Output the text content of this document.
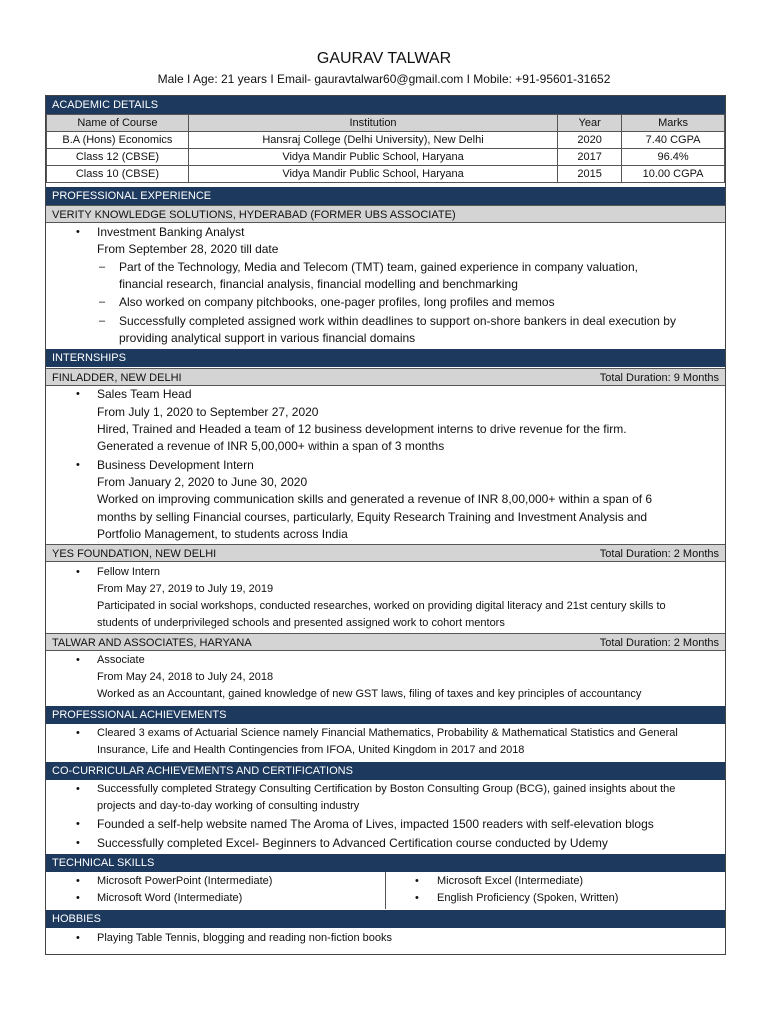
GAURAV TALWAR
Male I Age: 21 years I Email- gauravtalwar60@gmail.com I Mobile: +91-95601-31652
ACADEMIC DETAILS
Name of Course	Institution	Year	Marks
B.A (Hons) Economics	Hansraj College (Delhi University), New Delhi	2020	7.40 CGPA
Class 12 (CBSE)	Vidya Mandir Public School, Haryana	2017	96.4%
Class 10 (CBSE)	Vidya Mandir Public School, Haryana	2015	10.00 CGPA
PROFESSIONAL EXPERIENCE
VERITY KNOWLEDGE SOLUTIONS, HYDERABAD (FORMER UBS ASSOCIATE)
• Investment Banking Analyst
From September 28, 2020 till date
– Part of the Technology, Media and Telecom (TMT) team, gained experience in company valuation,
financial research, financial analysis, financial modelling and benchmarking
– Also worked on company pitchbooks, one-pager profiles, long profiles and memos
– Successfully completed assigned work within deadlines to support on-shore bankers in deal execution by
providing analytical support in various financial domains
INTERNSHIPS
FINLADDER, NEW DELHI	Total Duration: 9 Months
• Sales Team Head
From July 1, 2020 to September 27, 2020
Hired, Trained and Headed a team of 12 business development interns to drive revenue for the firm.
Generated a revenue of INR 5,00,000+ within a span of 3 months
• Business Development Intern
From January 2, 2020 to June 30, 2020
Worked on improving communication skills and generated a revenue of INR 8,00,000+ within a span of 6
months by selling Financial courses, particularly, Equity Research Training and Investment Analysis and
Portfolio Management, to students across India
YES FOUNDATION, NEW DELHI	Total Duration: 2 Months
• Fellow Intern
From May 27, 2019 to July 19, 2019
Participated in social workshops, conducted researches, worked on providing digital literacy and 21st century skills to
students of underprivileged schools and presented assigned work to cohort mentors
TALWAR AND ASSOCIATES, HARYANA	Total Duration: 2 Months
• Associate
From May 24, 2018 to July 24, 2018
Worked as an Accountant, gained knowledge of new GST laws, filing of taxes and key principles of accountancy
PROFESSIONAL ACHIEVEMENTS
• Cleared 3 exams of Actuarial Science namely Financial Mathematics, Probability & Mathematical Statistics and General
Insurance, Life and Health Contingencies from IFOA, United Kingdom in 2017 and 2018
CO-CURRICULAR ACHIEVEMENTS AND CERTIFICATIONS
• Successfully completed Strategy Consulting Certification by Boston Consulting Group (BCG), gained insights about the
projects and day-to-day working of consulting industry
• Founded a self-help website named The Aroma of Lives, impacted 1500 readers with self-elevation blogs
• Successfully completed Excel- Beginners to Advanced Certification course conducted by Udemy
TECHNICAL SKILLS
• Microsoft PowerPoint (Intermediate)
• Microsoft Word (Intermediate)
• Microsoft Excel (Intermediate)
• English Proficiency (Spoken, Written)
HOBBIES
• Playing Table Tennis, blogging and reading non-fiction books
